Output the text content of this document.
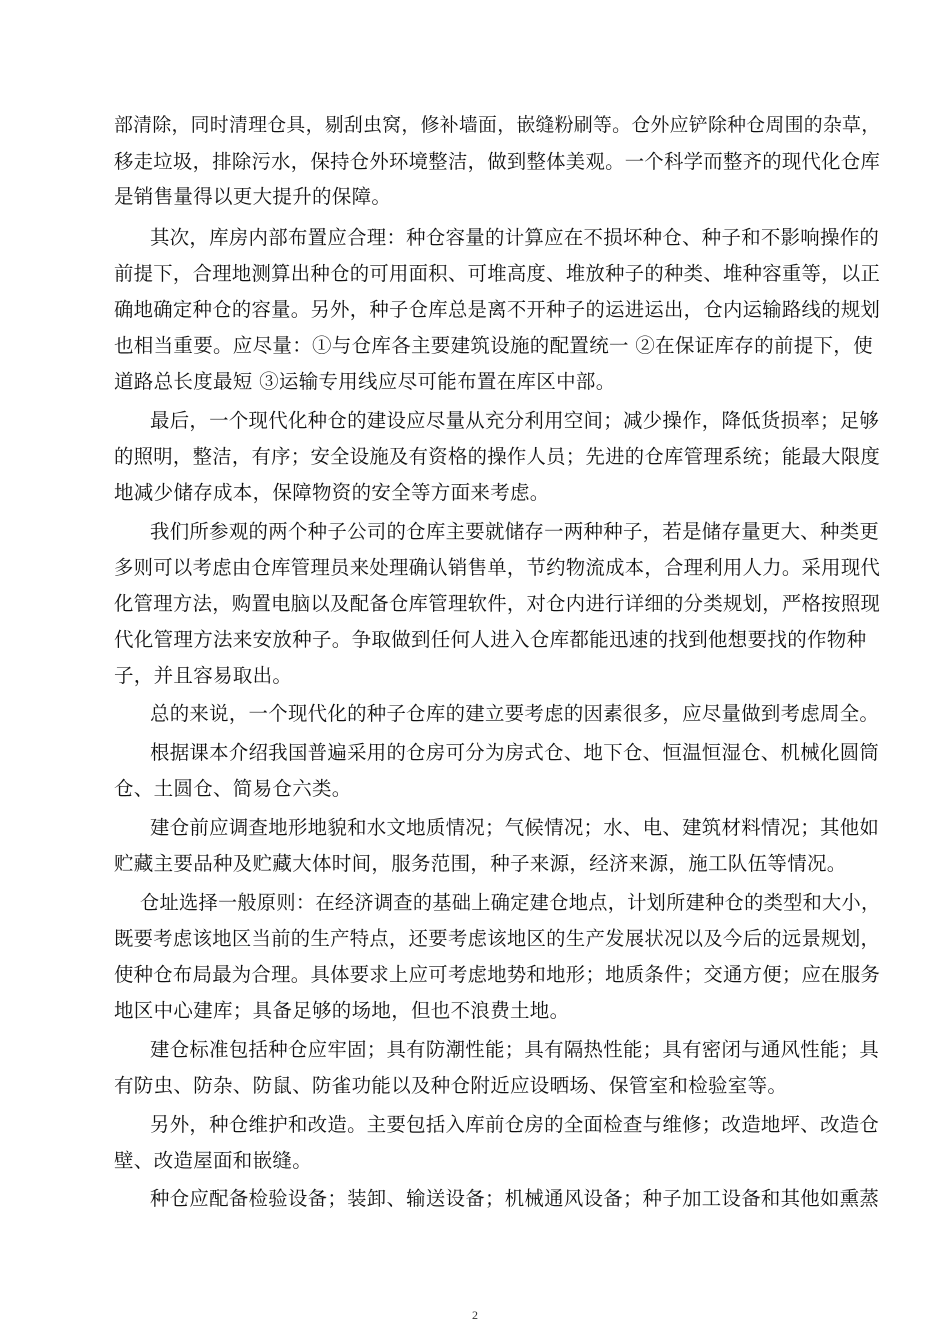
部清除，同时清理仓具，剔刮虫窝，修补墙面，嵌缝粉刷等。仓外应铲除种仓周围的杂草，
移走垃圾，排除污水，保持仓外环境整洁，做到整体美观。一个科学而整齐的现代化仓库
是销售量得以更大提升的保障。
其次，库房内部布置应合理：种仓容量的计算应在不损坏种仓、种子和不影响操作的
前提下，合理地测算出种仓的可用面积、可堆高度、堆放种子的种类、堆种容重等，以正
确地确定种仓的容量。另外，种子仓库总是离不开种子的运进运出，仓内运输路线的规划
也相当重要。应尽量：①与仓库各主要建筑设施的配置统一 ②在保证库存的前提下，使
道路总长度最短 ③运输专用线应尽可能布置在库区中部。
最后，一个现代化种仓的建设应尽量从充分利用空间；减少操作，降低货损率；足够
的照明，整洁，有序；安全设施及有资格的操作人员；先进的仓库管理系统；能最大限度
地减少储存成本，保障物资的安全等方面来考虑。
我们所参观的两个种子公司的仓库主要就储存一两种种子，若是储存量更大、种类更
多则可以考虑由仓库管理员来处理确认销售单，节约物流成本，合理利用人力。采用现代
化管理方法，购置电脑以及配备仓库管理软件，对仓内进行详细的分类规划，严格按照现
代化管理方法来安放种子。争取做到任何人进入仓库都能迅速的找到他想要找的作物种
子，并且容易取出。
总的来说，一个现代化的种子仓库的建立要考虑的因素很多，应尽量做到考虑周全。
根据课本介绍我国普遍采用的仓房可分为房式仓、地下仓、恒温恒湿仓、机械化圆筒
仓、土圆仓、简易仓六类。
建仓前应调查地形地貌和水文地质情况；气候情况；水、电、建筑材料情况；其他如
贮藏主要品种及贮藏大体时间，服务范围，种子来源，经济来源，施工队伍等情况。
仓址选择一般原则：在经济调查的基础上确定建仓地点，计划所建种仓的类型和大小，
既要考虑该地区当前的生产特点，还要考虑该地区的生产发展状况以及今后的远景规划，
使种仓布局最为合理。具体要求上应可考虑地势和地形；地质条件；交通方便；应在服务
地区中心建库；具备足够的场地，但也不浪费土地。
建仓标准包括种仓应牢固；具有防潮性能；具有隔热性能；具有密闭与通风性能；具
有防虫、防杂、防鼠、防雀功能以及种仓附近应设晒场、保管室和检验室等。
另外，种仓维护和改造。主要包括入库前仓房的全面检查与维修；改造地坪、改造仓
壁、改造屋面和嵌缝。
种仓应配备检验设备；装卸、输送设备；机械通风设备；种子加工设备和其他如熏蒸
2
